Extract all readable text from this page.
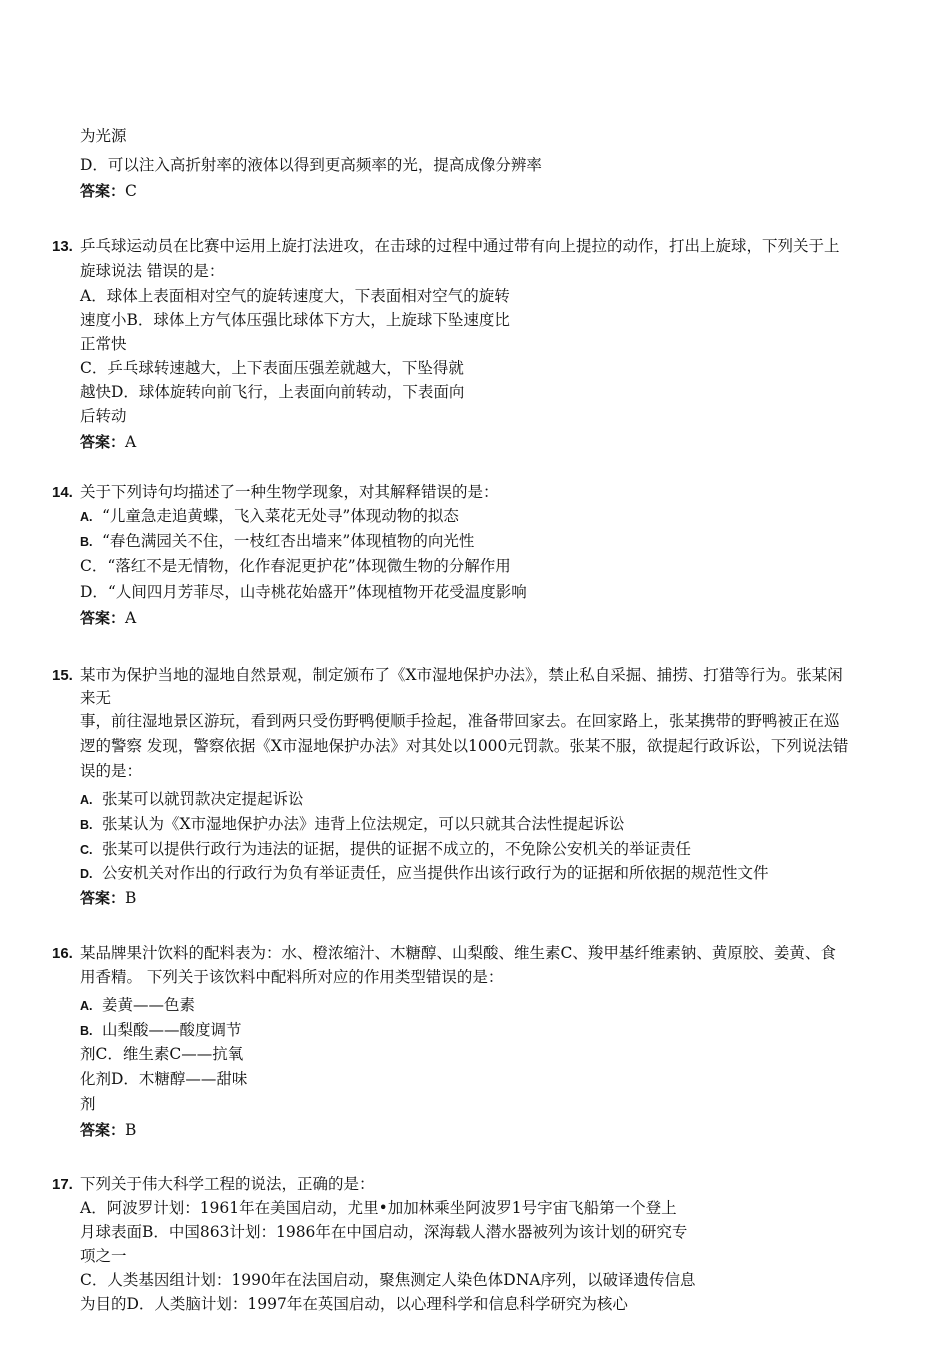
为光源
D．可以注入高折射率的液体以得到更高频率的光，提高成像分辨率
答案：C
13. 乒乓球运动员在比赛中运用上旋打法进攻，在击球的过程中通过带有向上提拉的动作，打出上旋球，下列关于上
旋球说法 错误的是：
A．球体上表面相对空气的旋转速度大，下表面相对空气的旋转
速度小B．球体上方气体压强比球体下方大，上旋球下坠速度比
正常快
C．乒乓球转速越大，上下表面压强差就越大，下坠得就
越快D．球体旋转向前飞行，上表面向前转动，下表面向
后转动
答案：A
14. 关于下列诗句均描述了一种生物学现象，对其解释错误的是：
A. “儿童急走追黄蝶，飞入菜花无处寻”体现动物的拟态
B. “春色满园关不住，一枝红杏出墙来”体现植物的向光性
C．“落红不是无情物，化作春泥更护花”体现微生物的分解作用
D．“人间四月芳菲尽，山寺桃花始盛开”体现植物开花受温度影响
答案：A
15. 某市为保护当地的湿地自然景观，制定颁布了《X市湿地保护办法》，禁止私自采掘、捕捞、打猎等行为。张某闲
来无
事，前往湿地景区游玩，看到两只受伤野鸭便顺手捡起，准备带回家去。在回家路上，张某携带的野鸭被正在巡
逻的警察 发现，警察依据《X市湿地保护办法》对其处以1000元罚款。张某不服，欲提起行政诉讼，下列说法错
误的是：
A. 张某可以就罚款决定提起诉讼
B. 张某认为《X市湿地保护办法》违背上位法规定，可以只就其合法性提起诉讼
C. 张某可以提供行政行为违法的证据，提供的证据不成立的，不免除公安机关的举证责任
D. 公安机关对作出的行政行为负有举证责任，应当提供作出该行政行为的证据和所依据的规范性文件
答案：B
16. 某品牌果汁饮料的配料表为：水、橙浓缩汁、木糖醇、山梨酸、维生素C、羧甲基纤维素钠、黄原胶、姜黄、食
用香精。 下列关于该饮料中配料所对应的作用类型错误的是：
A. 姜黄——色素
B. 山梨酸——酸度调节
剂C．维生素C——抗氧
化剂D．木糖醇——甜味
剂
答案：B
17. 下列关于伟大科学工程的说法，正确的是：
A．阿波罗计划：1961年在美国启动，尤里•加加林乘坐阿波罗1号宇宙飞船第一个登上
月球表面B．中国863计划：1986年在中国启动，深海载人潜水器被列为该计划的研究专
项之一
C．人类基因组计划：1990年在法国启动，聚焦测定人染色体DNA序列，以破译遗传信息
为目的D．人类脑计划：1997年在英国启动，以心理科学和信息科学研究为核心
